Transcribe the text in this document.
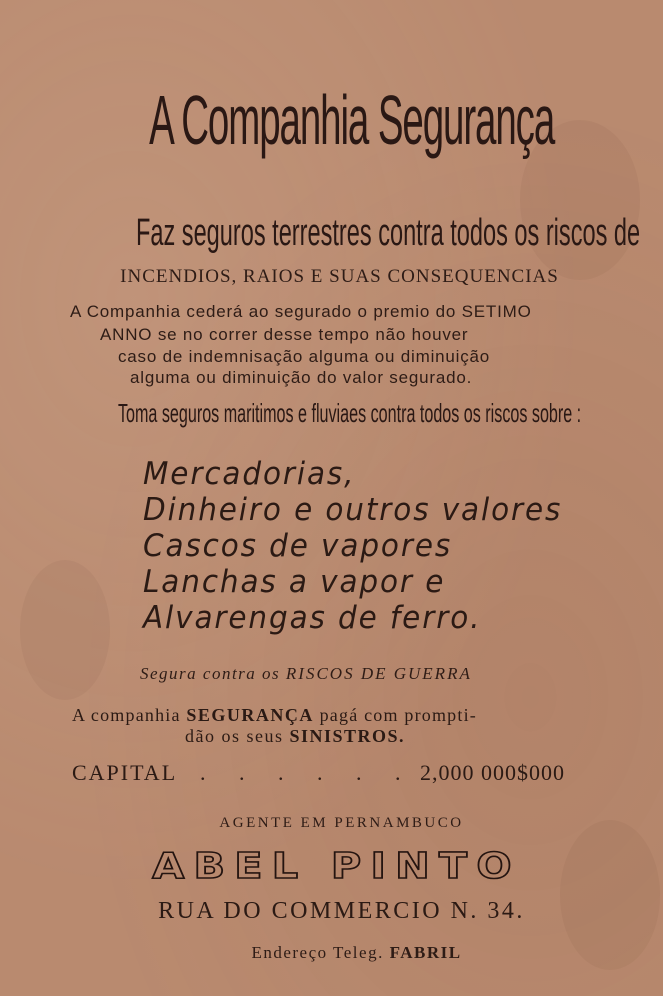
A Companhia Segurança
Faz seguros terrestres contra todos os riscos de
INCENDIOS, RAIOS E SUAS CONSEQUENCIAS
A Companhia cederá ao segurado o premio do SETIMO
ANNO se no correr desse tempo não houver
caso de indemnisação alguma ou diminuição
alguma ou diminuição do valor segurado.
Toma seguros maritimos e fluviaes contra todos os riscos sobre :
Mercadorias,
Dinheiro e outros valores
Cascos de vapores
Lanchas a vapor e
Alvarengas de ferro.
Segura contra os RISCOS DE GUERRA
A companhia SEGURANÇA pagá com prompti-
dão os seus SINISTROS.
CAPITAL . . . . . . 2,000 000$000
AGENTE EM PERNAMBUCO
ABEL PINTO
RUA DO COMMERCIO N. 34.
Endereço Teleg. FABRIL
